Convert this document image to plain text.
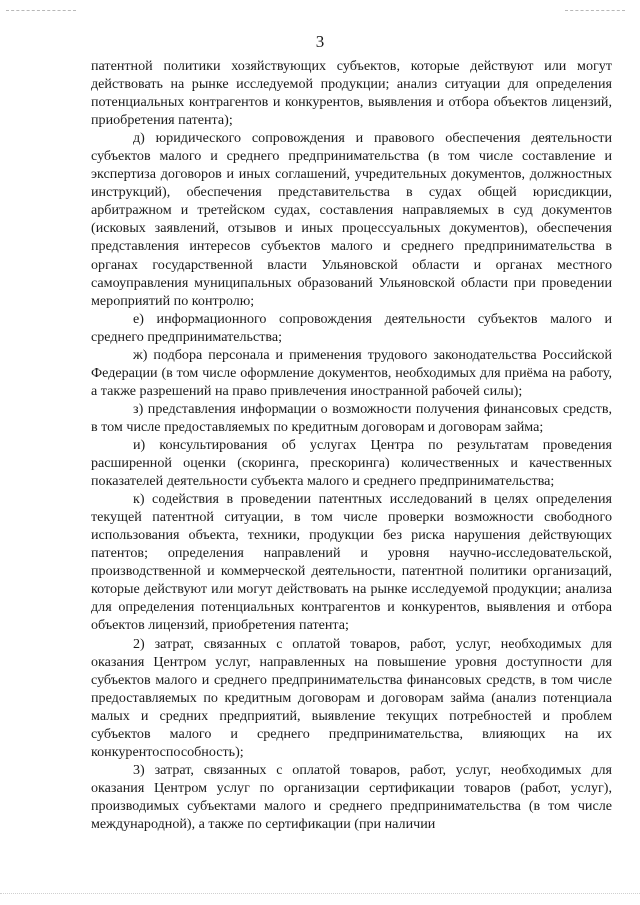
3

патентной политики хозяйствующих субъектов, которые действуют или могут действовать на рынке исследуемой продукции; анализ ситуации для определения потенциальных контрагентов и конкурентов, выявления и отбора объектов лицензий, приобретения патента);

д) юридического сопровождения и правового обеспечения деятельности субъектов малого и среднего предпринимательства (в том числе составление и экспертиза договоров и иных соглашений, учредительных документов, должностных инструкций), обеспечения представительства в судах общей юрисдикции, арбитражном и третейском судах, составления направляемых в суд документов (исковых заявлений, отзывов и иных процессуальных документов), обеспечения представления интересов субъектов малого и среднего предпринимательства в органах государственной власти Ульяновской области и органах местного самоуправления муниципальных образований Ульяновской области при проведении мероприятий по контролю;

е) информационного сопровождения деятельности субъектов малого и среднего предпринимательства;

ж) подбора персонала и применения трудового законодательства Российской Федерации (в том числе оформление документов, необходимых для приёма на работу, а также разрешений на право привлечения иностранной рабочей силы);

з) представления информации о возможности получения финансовых средств, в том числе предоставляемых по кредитным договорам и договорам займа;

и) консультирования об услугах Центра по результатам проведения расширенной оценки (скоринга, прескоринга) количественных и качественных показателей деятельности субъекта малого и среднего предпринимательства;

к) содействия в проведении патентных исследований в целях определения текущей патентной ситуации, в том числе проверки возможности свободного использования объекта, техники, продукции без риска нарушения действующих патентов; определения направлений и уровня научно-исследовательской, производственной и коммерческой деятельности, патентной политики организаций, которые действуют или могут действовать на рынке исследуемой продукции; анализа для определения потенциальных контрагентов и конкурентов, выявления и отбора объектов лицензий, приобретения патента;

2) затрат, связанных с оплатой товаров, работ, услуг, необходимых для оказания Центром услуг, направленных на повышение уровня доступности для субъектов малого и среднего предпринимательства финансовых средств, в том числе предоставляемых по кредитным договорам и договорам займа (анализ потенциала малых и средних предприятий, выявление текущих потребностей и проблем субъектов малого и среднего предпринимательства, влияющих на их конкурентоспособность);

3) затрат, связанных с оплатой товаров, работ, услуг, необходимых для оказания Центром услуг по организации сертификации товаров (работ, услуг), производимых субъектами малого и среднего предпринимательства (в том числе международной), а также по сертификации (при наличии
